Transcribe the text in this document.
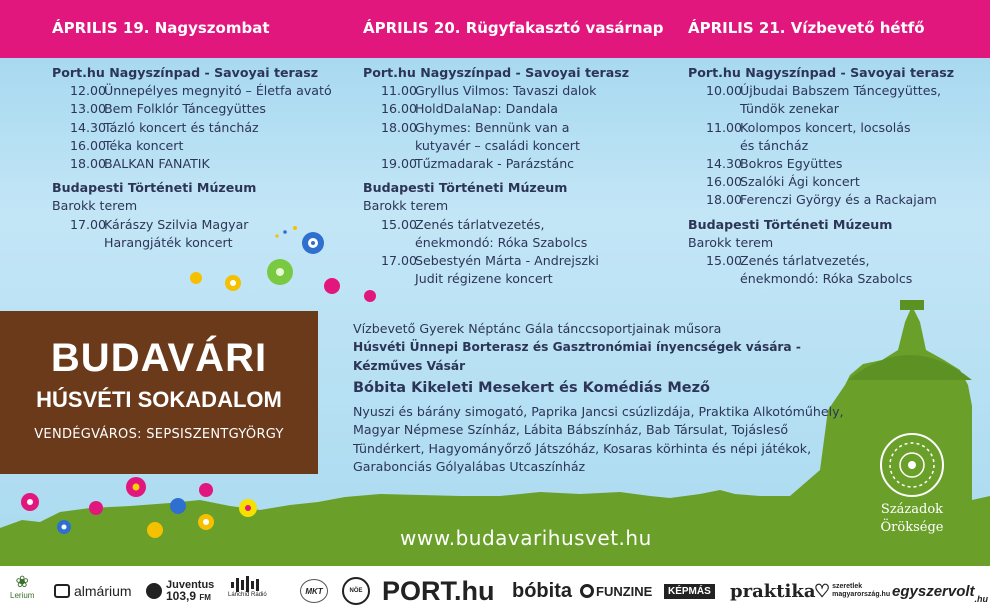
ÁPRILIS 19. Nagyszombat	ÁPRILIS 20. Rügyfakasztó vasárnap ÁPRILIS 21. Vízbevető hétfő
Port.hu Nagyszínpad - Savoyai terasz
12.00
Ünnepélyes megnyitó – Életfa avató
13.00
Bem Folklór Táncegyüttes
14.30
Tázló koncert és táncház
16.00
Téka koncert
18.00
BALKAN FANATIK
Budapesti Történeti Múzeum
Barokk terem
17.00
Kárászy Szilvia Magyar
Harangjáték koncert
Port.hu Nagyszínpad - Savoyai terasz
11.00
Gryllus Vilmos: Tavaszi dalok
16.00
HoldDalaNap: Dandala
18.00
Ghymes: Bennünk van a
kutyavér – családi koncert
19.00
Tűzmadarak - Parázstánc
Budapesti Történeti Múzeum
Barokk terem
15.00
Zenés tárlatvezetés,
énekmondó: Róka Szabolcs
17.00
Sebestyén Márta - Andrejszki
Judit régizene koncert
Port.hu Nagyszínpad - Savoyai terasz
10.00
Újbudai Babszem Táncegyüttes,
Tündök zenekar
11.00
Kolompos koncert, locsolás
és táncház
14.30
Bokros Együttes
16.00
Szalóki Ági koncert
18.00
Ferenczi György és a Rackajam
Budapesti Történeti Múzeum
Barokk terem
15.00
Zenés tárlatvezetés,
énekmondó: Róka Szabolcs
BUDAVÁRI
HÚSVÉTI SOKADALOM
VENDÉGVÁROS: SEPSISZENTGYÖRGY
Vízbevető Gyerek Néptánc Gála tánccsoportjainak műsora
Húsvéti Ünnepi Borterasz és Gasztronómiai ínyencségek vására - Kézműves Vásár
Bóbita Kikeleti Mesekert és Komédiás Mező
Nyuszi és bárány simogató, Paprika Jancsi csúzlizdája, Praktika Alkotóműhely,
Magyar Népmese Színház, Lábita Bábszínház, Bab Társulat, Tojásleső
Tündérkert, Hagyományőrző Játszóház, Kosaras körhinta és népi játékok,
Garabonciás Gólyalábas Utcaszínház
www.budavarihusvet.hu
Századok
Öröksége
❀
Lerium	almárium	Juventus
103,9 FM	Lánchíd Rádió	MKT	NÖE PORT.hu bóbita FUNZINE	KÉPMÁS praktika
♡ szeretlek magyarország.hu egyszervolt .hu
